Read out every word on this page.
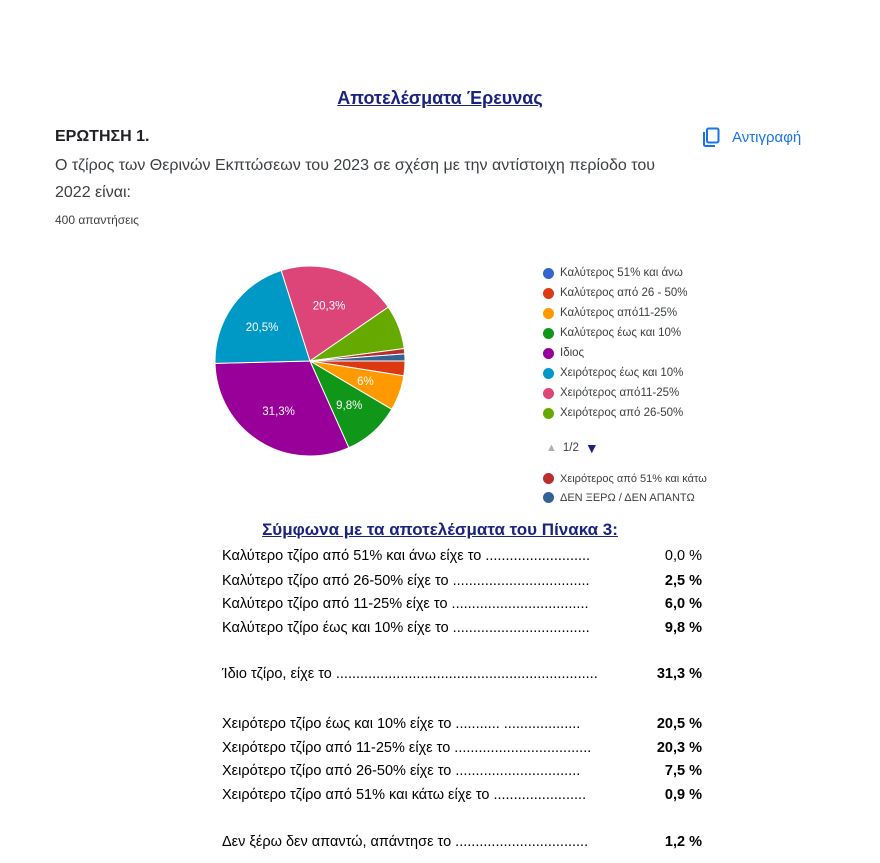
Αποτελέσματα Έρευνας
ΕΡΩΤΗΣΗ 1.	Αντιγραφή
Ο τζίρος των Θερινών Εκπτώσεων του 2023 σε σχέση με την αντίστοιχη περίοδο του 2022 είναι:
400 απαντήσεις
6%
9,8%
31,3%
20,5%
20,3%
Καλύτερος 51% και άνω
Καλύτερος από 26 - 50%
Καλύτερος από11-25%
Καλύτερος έως και 10%
Ιδιος
Χειρότερος έως και 10%
Χειρότερος από11-25%
Χειρότερος από 26-50%
▲ 1/2 ▼
Χειρότερος από 51% και κάτω
ΔΕΝ ΞΕΡΩ / ΔΕΝ ΑΠΑΝΤΩ
Σύμφωνα με τα αποτελέσματα του Πίνακα 3:
Καλύτερο τζίρο από 51% και άνω είχε το ..........................	0,0 %
Καλύτερο τζίρο από 26-50% είχε το ..................................	2,5 %
Καλύτερο τζίρο από 11-25% είχε το ..................................	6,0 %
Καλύτερο τζίρο έως και 10% είχε το ..................................	9,8 %
Ίδιο τζίρο, είχε το .................................................................	31,3 %
Χειρότερο τζίρο έως και 10% είχε το ........... ...................	20,5 %
Χειρότερο τζίρο από 11-25% είχε το ..................................	20,3 %
Χειρότερο τζίρο από 26-50% είχε το ...............................	7,5 %
Χειρότερο τζίρο από 51% και κάτω είχε το .......................	0,9 %
Δεν ξέρω δεν απαντώ, απάντησε το .................................	1,2 %
